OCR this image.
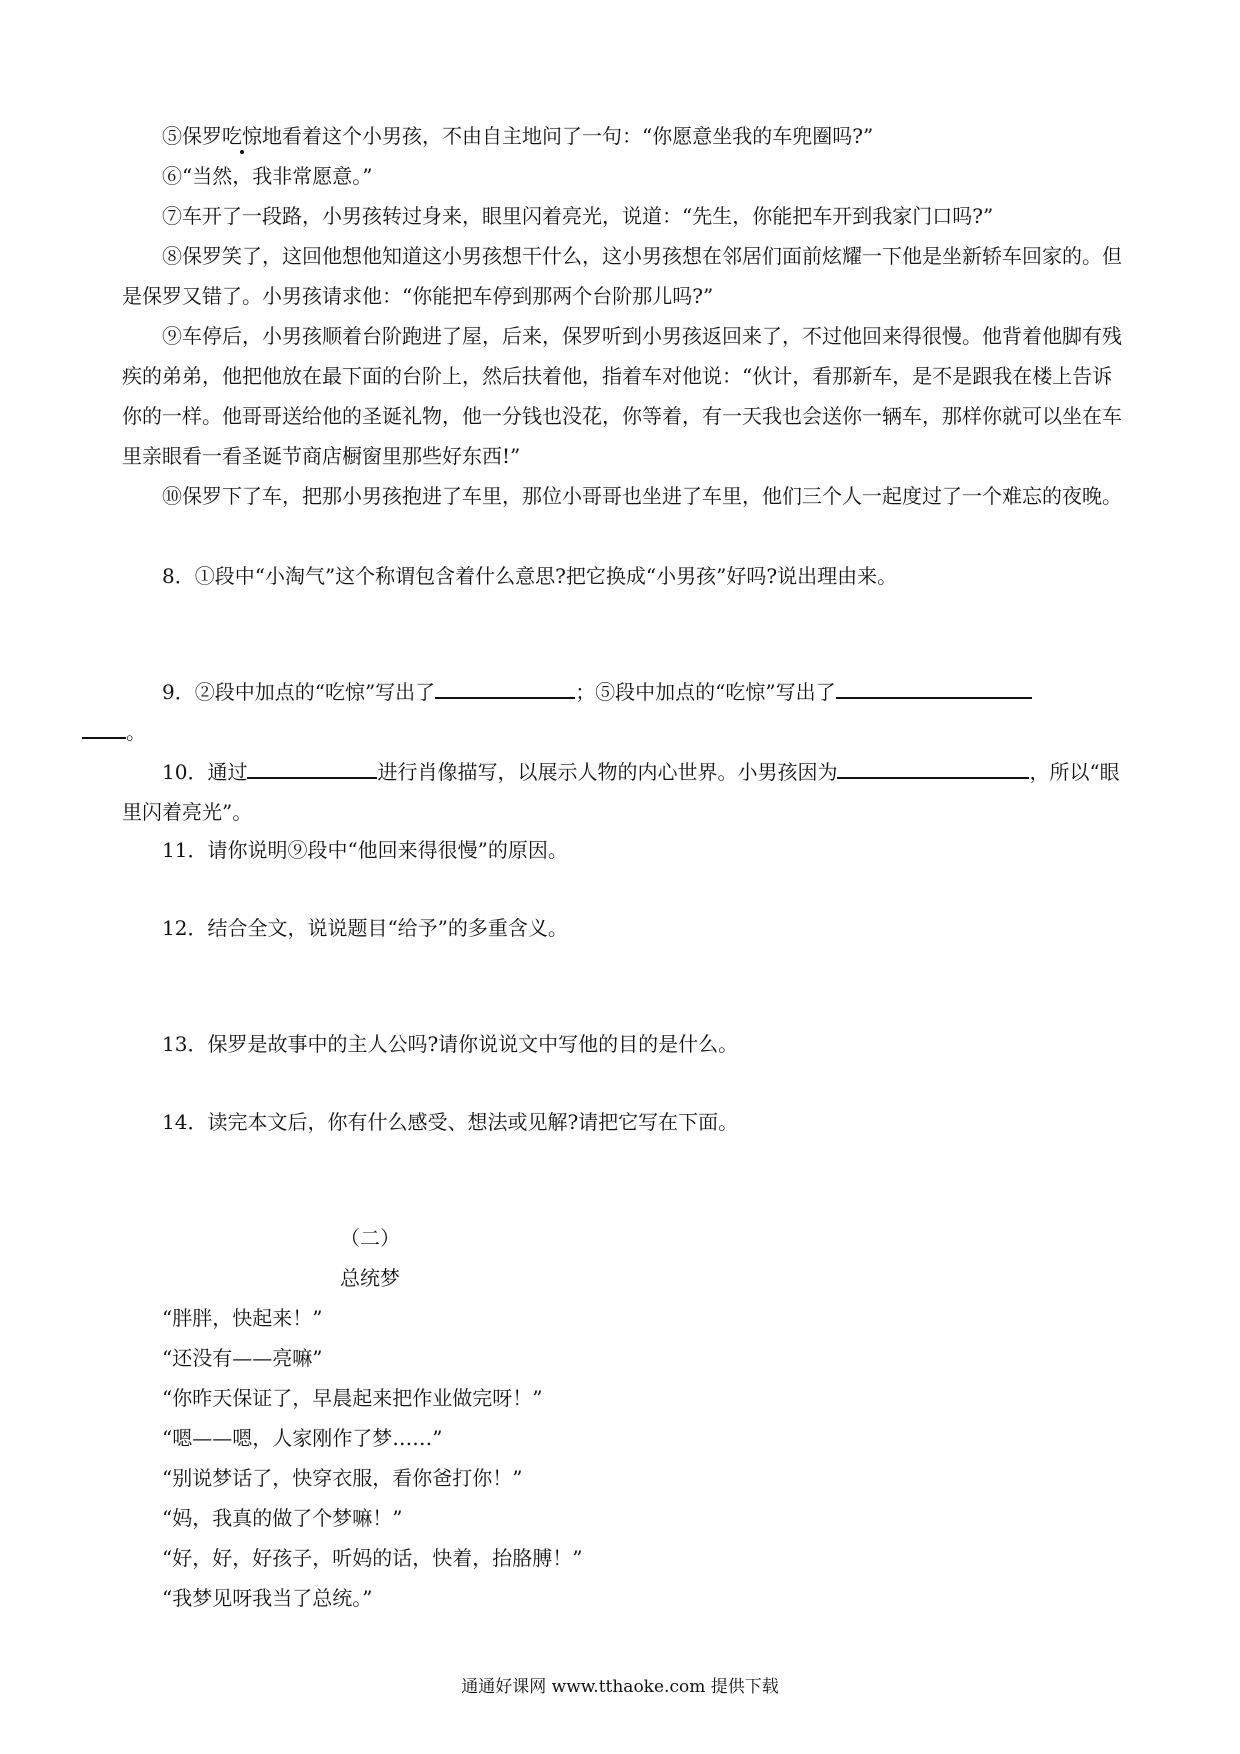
⑤保罗吃惊地看着这个小男孩，不由自主地问了一句：“你愿意坐我的车兜圈吗?”

⑥“当然，我非常愿意。”

⑦车开了一段路，小男孩转过身来，眼里闪着亮光，说道：“先生，你能把车开到我家门口吗?”

⑧保罗笑了，这回他想他知道这小男孩想干什么，这小男孩想在邻居们面前炫耀一下他是坐新轿车回家的。但是保罗又错了。小男孩请求他：“你能把车停到那两个台阶那儿吗?”

⑨车停后，小男孩顺着台阶跑进了屋，后来，保罗听到小男孩返回来了，不过他回来得很慢。他背着他脚有残疾的弟弟，他把他放在最下面的台阶上，然后扶着他，指着车对他说：“伙计，看那新车，是不是跟我在楼上告诉你的一样。他哥哥送给他的圣诞礼物，他一分钱也没花，你等着，有一天我也会送你一辆车，那样你就可以坐在车里亲眼看一看圣诞节商店橱窗里那些好东西!”

⑩保罗下了车，把那小男孩抱进了车里，那位小哥哥也坐进了车里，他们三个人一起度过了一个难忘的夜晚。

8．①段中“小淘气”这个称谓包含着什么意思?把它换成“小男孩”好吗?说出理由来。

9．②段中加点的“吃惊”写出了	；⑤段中加点的“吃惊”写出了
。

10．通过	进行肖像描写，以展示人物的内心世界。小男孩因为	，所以“眼里闪着亮光”。

11．请你说明⑨段中“他回来得很慢”的原因。

12．结合全文，说说题目“给予”的多重含义。

13．保罗是故事中的主人公吗?请你说说文中写他的目的是什么。

14．读完本文后，你有什么感受、想法或见解?请把它写在下面。

（二）
总统梦

“胖胖，快起来！”

“还没有——亮嘛”

“你昨天保证了，早晨起来把作业做完呀！”

“嗯——嗯，人家刚作了梦……”

“别说梦话了，快穿衣服，看你爸打你！”

“妈，我真的做了个梦嘛！”

“好，好，好孩子，听妈的话，快着，抬胳膊！”

“我梦见呀我当了总统。”

通通好课网 www.tthaoke.com 提供下载
